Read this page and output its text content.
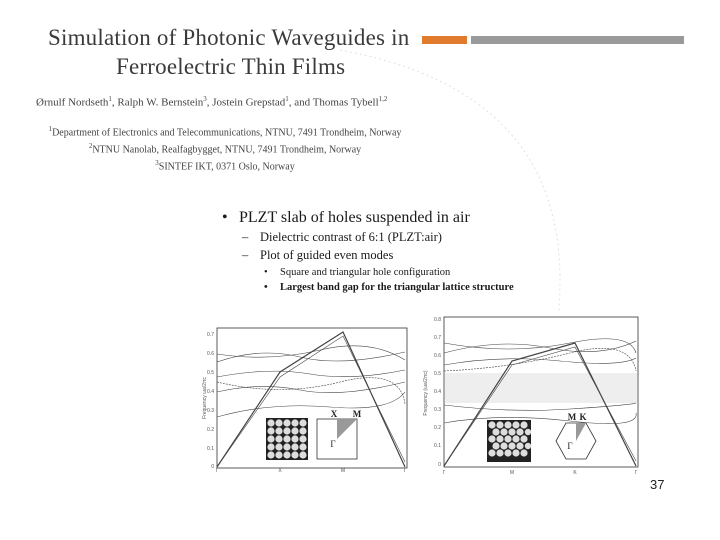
Simulation of Photonic Waveguides in
Ferroelectric Thin Films
Ørnulf Nordseth$^1$, Ralph W. Bernstein$^3$, Jostein Grepstad$^1$, and Thomas Tybell$^{1,2}$
$^1$Department of Electronics and Telecommunications, NTNU, 7491 Trondheim, Norway
$^2$NTNU Nanolab, Realfagbygget, NTNU, 7491 Trondheim, Norway
$^3$SINTEF IKT, 0371 Oslo, Norway
• PLZT slab of holes suspended in air
– Dielectric contrast of 6:1 (PLZT:air)
– Plot of guided even modes
• Square and triangular hole configuration
• Largest band gap for the triangular lattice structure
Frequency ωa/2πc
0.7
0.6
0.5
0.4
0.3
0.2
0.1
0
Γ	X	M	Γ
X M
Γ
Frequency (ωa/2πc)
0.8
0.7
0.6
0.5
0.4
0.3
0.2
0.1
0
Γ	M	K	Γ
M K
Γ
37
